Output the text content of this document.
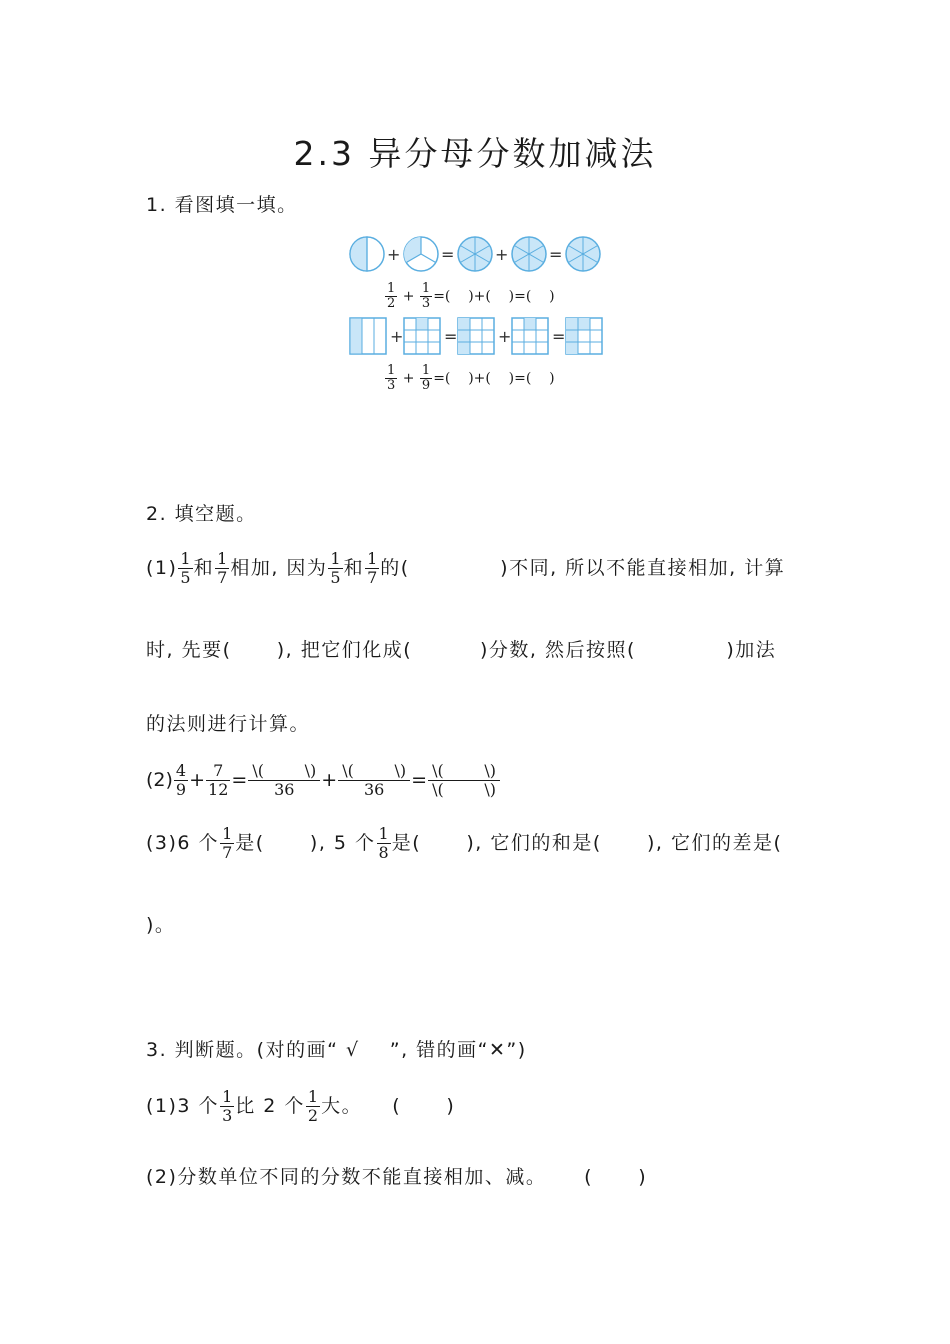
2.3 异分母分数加减法
1. 看图填一填。
+	=	+	=
+	=	+	=
$\frac{1}{2} + \frac{1}{3}$ =(    )+(    )=(    )
$\frac{1}{3} + \frac{1}{9}$ =(    )+(    )=(    )
2. 填空题。
$(1) \frac{1}{5}$ 和 $\frac{1}{7}$ 相加, 因为 $\frac{1}{5}$ 和 $\frac{1}{7}$ 的(            )不同, 所以不能直接相加, 计算
时, 先要(      ), 把它们化成(         )分数, 然后按照(            )加法
的法则进行计算。
$(2) \frac{4}{9} + \frac{7}{12} = \frac{\backslash( \backslash)}{36} + \frac{\backslash( \backslash)}{36} = \frac{\backslash( \backslash)}{\backslash( \backslash)}$
(3)6 个 $\frac{1}{7}$ 是(      ), 5 个 $\frac{1}{8}$ 是(      ), 它们的和是(      ), 它们的差是(
)。
3. 判断题。(对的画“ √    ”, 错的画“✕”)
(1)3 个 $\frac{1}{3}$ 比 2 个 $\frac{1}{2}$ 大。    (      )
(2)分数单位不同的分数不能直接相加、减。     (      )
